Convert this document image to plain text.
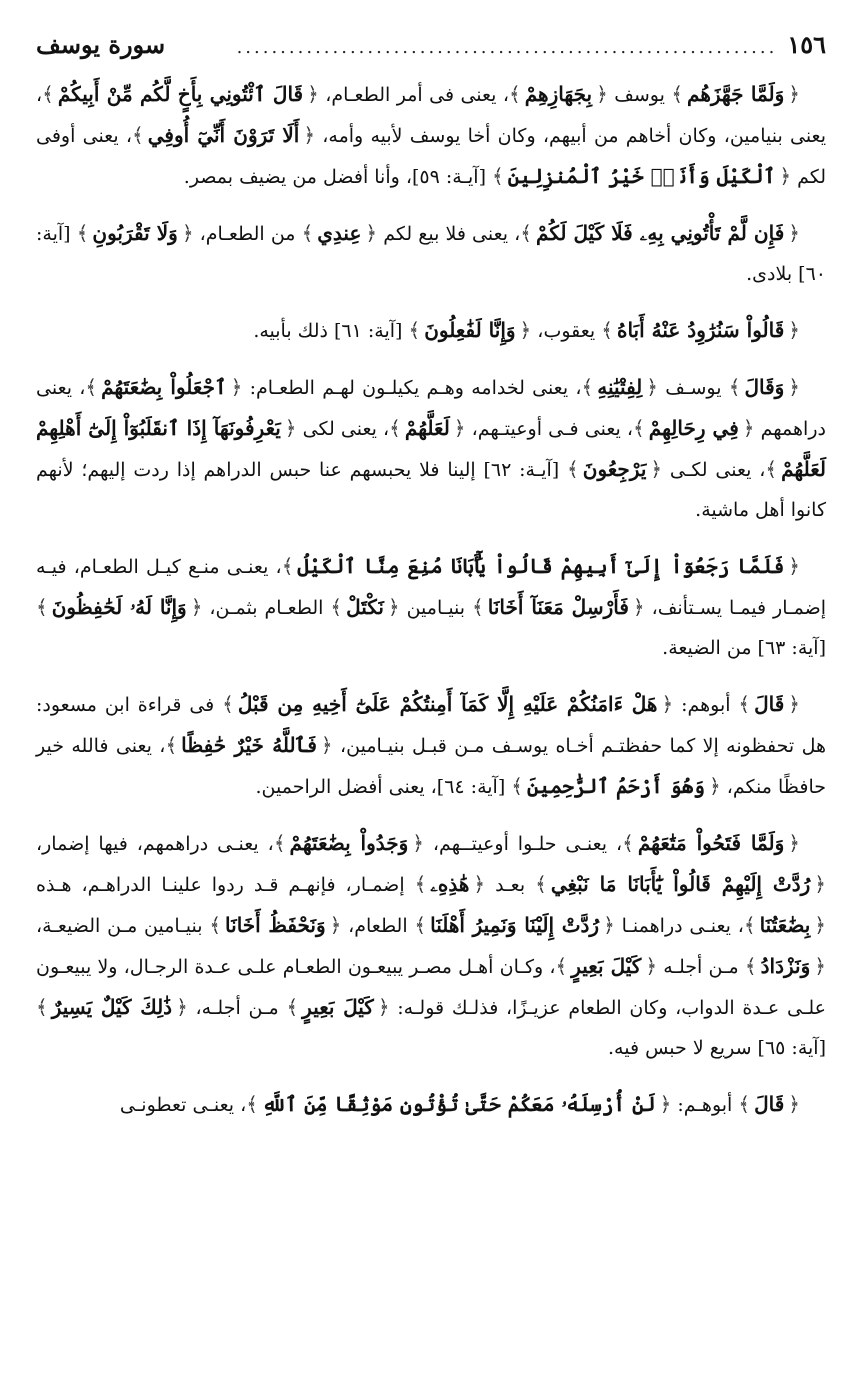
١٥٦
..............................................................
سورة يوسف

﴿ وَلَمَّا جَهَّزَهُم ﴾ يوسف ﴿ بِجَهَازِهِمْ ﴾، يعنى فى أمر الطعـام، ﴿ قَالَ ٱئْتُونِي بِأَخٍ لَّكُم مِّنْ أَبِيكُمْ ﴾، يعنى بنيامين، وكان أخاهم من أبيهم، وكان أخا يوسف لأبيه وأمه، ﴿ أَلَا تَرَوْنَ أَنِّيٓ أُوفِي ﴾، يعنى أوفى لكم ﴿ ٱلْكَيْلَ وَأَنَا۠ خَيْرُ ٱلْمُنزِلِينَ ﴾ [آيـة: ٥٩]، وأنا أفضل من يضيف بمصر.

﴿ فَإِن لَّمْ تَأْتُونِي بِهِۦ فَلَا كَيْلَ لَكُمْ ﴾، يعنى فلا بيع لكم ﴿ عِندِي ﴾ من الطعـام، ﴿ وَلَا تَقْرَبُونِ ﴾ [آية: ٦٠] بلادى.

﴿ قَالُواْ سَنُرَٰوِدُ عَنْهُ أَبَاهُ ﴾ يعقوب، ﴿ وَإِنَّا لَفَٰعِلُونَ ﴾ [آية: ٦١] ذلك بأبيه.

﴿ وَقَالَ ﴾ يوسـف ﴿ لِفِتْيَٰنِهِ ﴾، يعنى لخدامه وهـم يكيلـون لهـم الطعـام: ﴿ ٱجْعَلُواْ بِضَٰعَتَهُمْ ﴾، يعنى دراهمهم ﴿ فِي رِحَالِهِمْ ﴾، يعنى فـى أوعيتـهم، ﴿ لَعَلَّهُمْ ﴾، يعنى لكى ﴿ يَعْرِفُونَهَآ إِذَا ٱنقَلَبُوٓاْ إِلَىٰٓ أَهْلِهِمْ لَعَلَّهُمْ ﴾، يعنى لكـى ﴿ يَرْجِعُونَ ﴾ [آيـة: ٦٢] إلينا فلا يحبسهم عنا حبس الدراهم إذا ردت إليهم؛ لأنهم كانوا أهل ماشية.

﴿ فَلَمَّا رَجَعُوٓاْ إِلَىٰٓ أَبِيهِمْ قَالُواْ يَٰٓأَبَانَا مُنِعَ مِنَّا ٱلْكَيْلُ ﴾، يعنـى منـع كيـل الطعـام، فيـه إضمـار فيمـا يسـتأنف، ﴿ فَأَرْسِلْ مَعَنَآ أَخَانَا ﴾ بنيـامين ﴿ نَكْتَلْ ﴾ الطعـام بثمـن، ﴿ وَإِنَّا لَهُۥ لَحَٰفِظُونَ ﴾ [آية: ٦٣] من الضيعة.

﴿ قَالَ ﴾ أبوهم: ﴿ هَلْ ءَامَنُكُمْ عَلَيْهِ إِلَّا كَمَآ أَمِنتُكُمْ عَلَىٰٓ أَخِيهِ مِن قَبْلُ ﴾ فى قراءة ابن مسعود: هل تحفظونه إلا كما حفظتـم أخـاه يوسـف مـن قبـل بنيـامين، ﴿ فَٱللَّهُ خَيْرٌ حَٰفِظًا ﴾، يعنى فالله خير حافظًا منكم، ﴿ وَهُوَ أَرْحَمُ ٱلرَّٰحِمِينَ ﴾ [آية: ٦٤]، يعنى أفضل الراحمين.

﴿ وَلَمَّا فَتَحُواْ مَتَٰعَهُمْ ﴾، يعنـى حلـوا أوعيتــهم، ﴿ وَجَدُواْ بِضَٰعَتَهُمْ ﴾، يعنـى دراهمهم، فيها إضمار، ﴿ رُدَّتْ إِلَيْهِمْ قَالُواْ يَٰٓأَبَانَا مَا نَبْغِي ﴾ بعـد ﴿ هَٰذِهِۦ ﴾ إضمـار، فإنهـم قـد ردوا علينـا الدراهـم، هـذه ﴿ بِضَٰعَتُنَا ﴾، يعنـى دراهمنـا ﴿ رُدَّتْ إِلَيْنَا وَنَمِيرُ أَهْلَنَا ﴾ الطعام، ﴿ وَنَحْفَظُ أَخَانَا ﴾ بنيـامين مـن الضيعـة، ﴿ وَنَزْدَادُ ﴾ مـن أجلـه ﴿ كَيْلَ بَعِيرٍ ﴾، وكـان أهـل مصـر يبيعـون الطعـام علـى عـدة الرجـال، ولا يبيعـون علـى عـدة الدواب، وكان الطعام عزيـزًا، فذلـك قولـه: ﴿ كَيْلَ بَعِيرٍ ﴾ مـن أجلـه، ﴿ ذَٰلِكَ كَيْلٌ يَسِيرٌ ﴾ [آية: ٦٥] سريع لا حبس فيه.

﴿ قَالَ ﴾ أبوهـم: ﴿ لَنْ أُرْسِلَهُۥ مَعَكُمْ حَتَّىٰ تُؤْتُونِ مَوْثِقًا مِّنَ ٱللَّهِ ﴾، يعنـى تعطونـى
